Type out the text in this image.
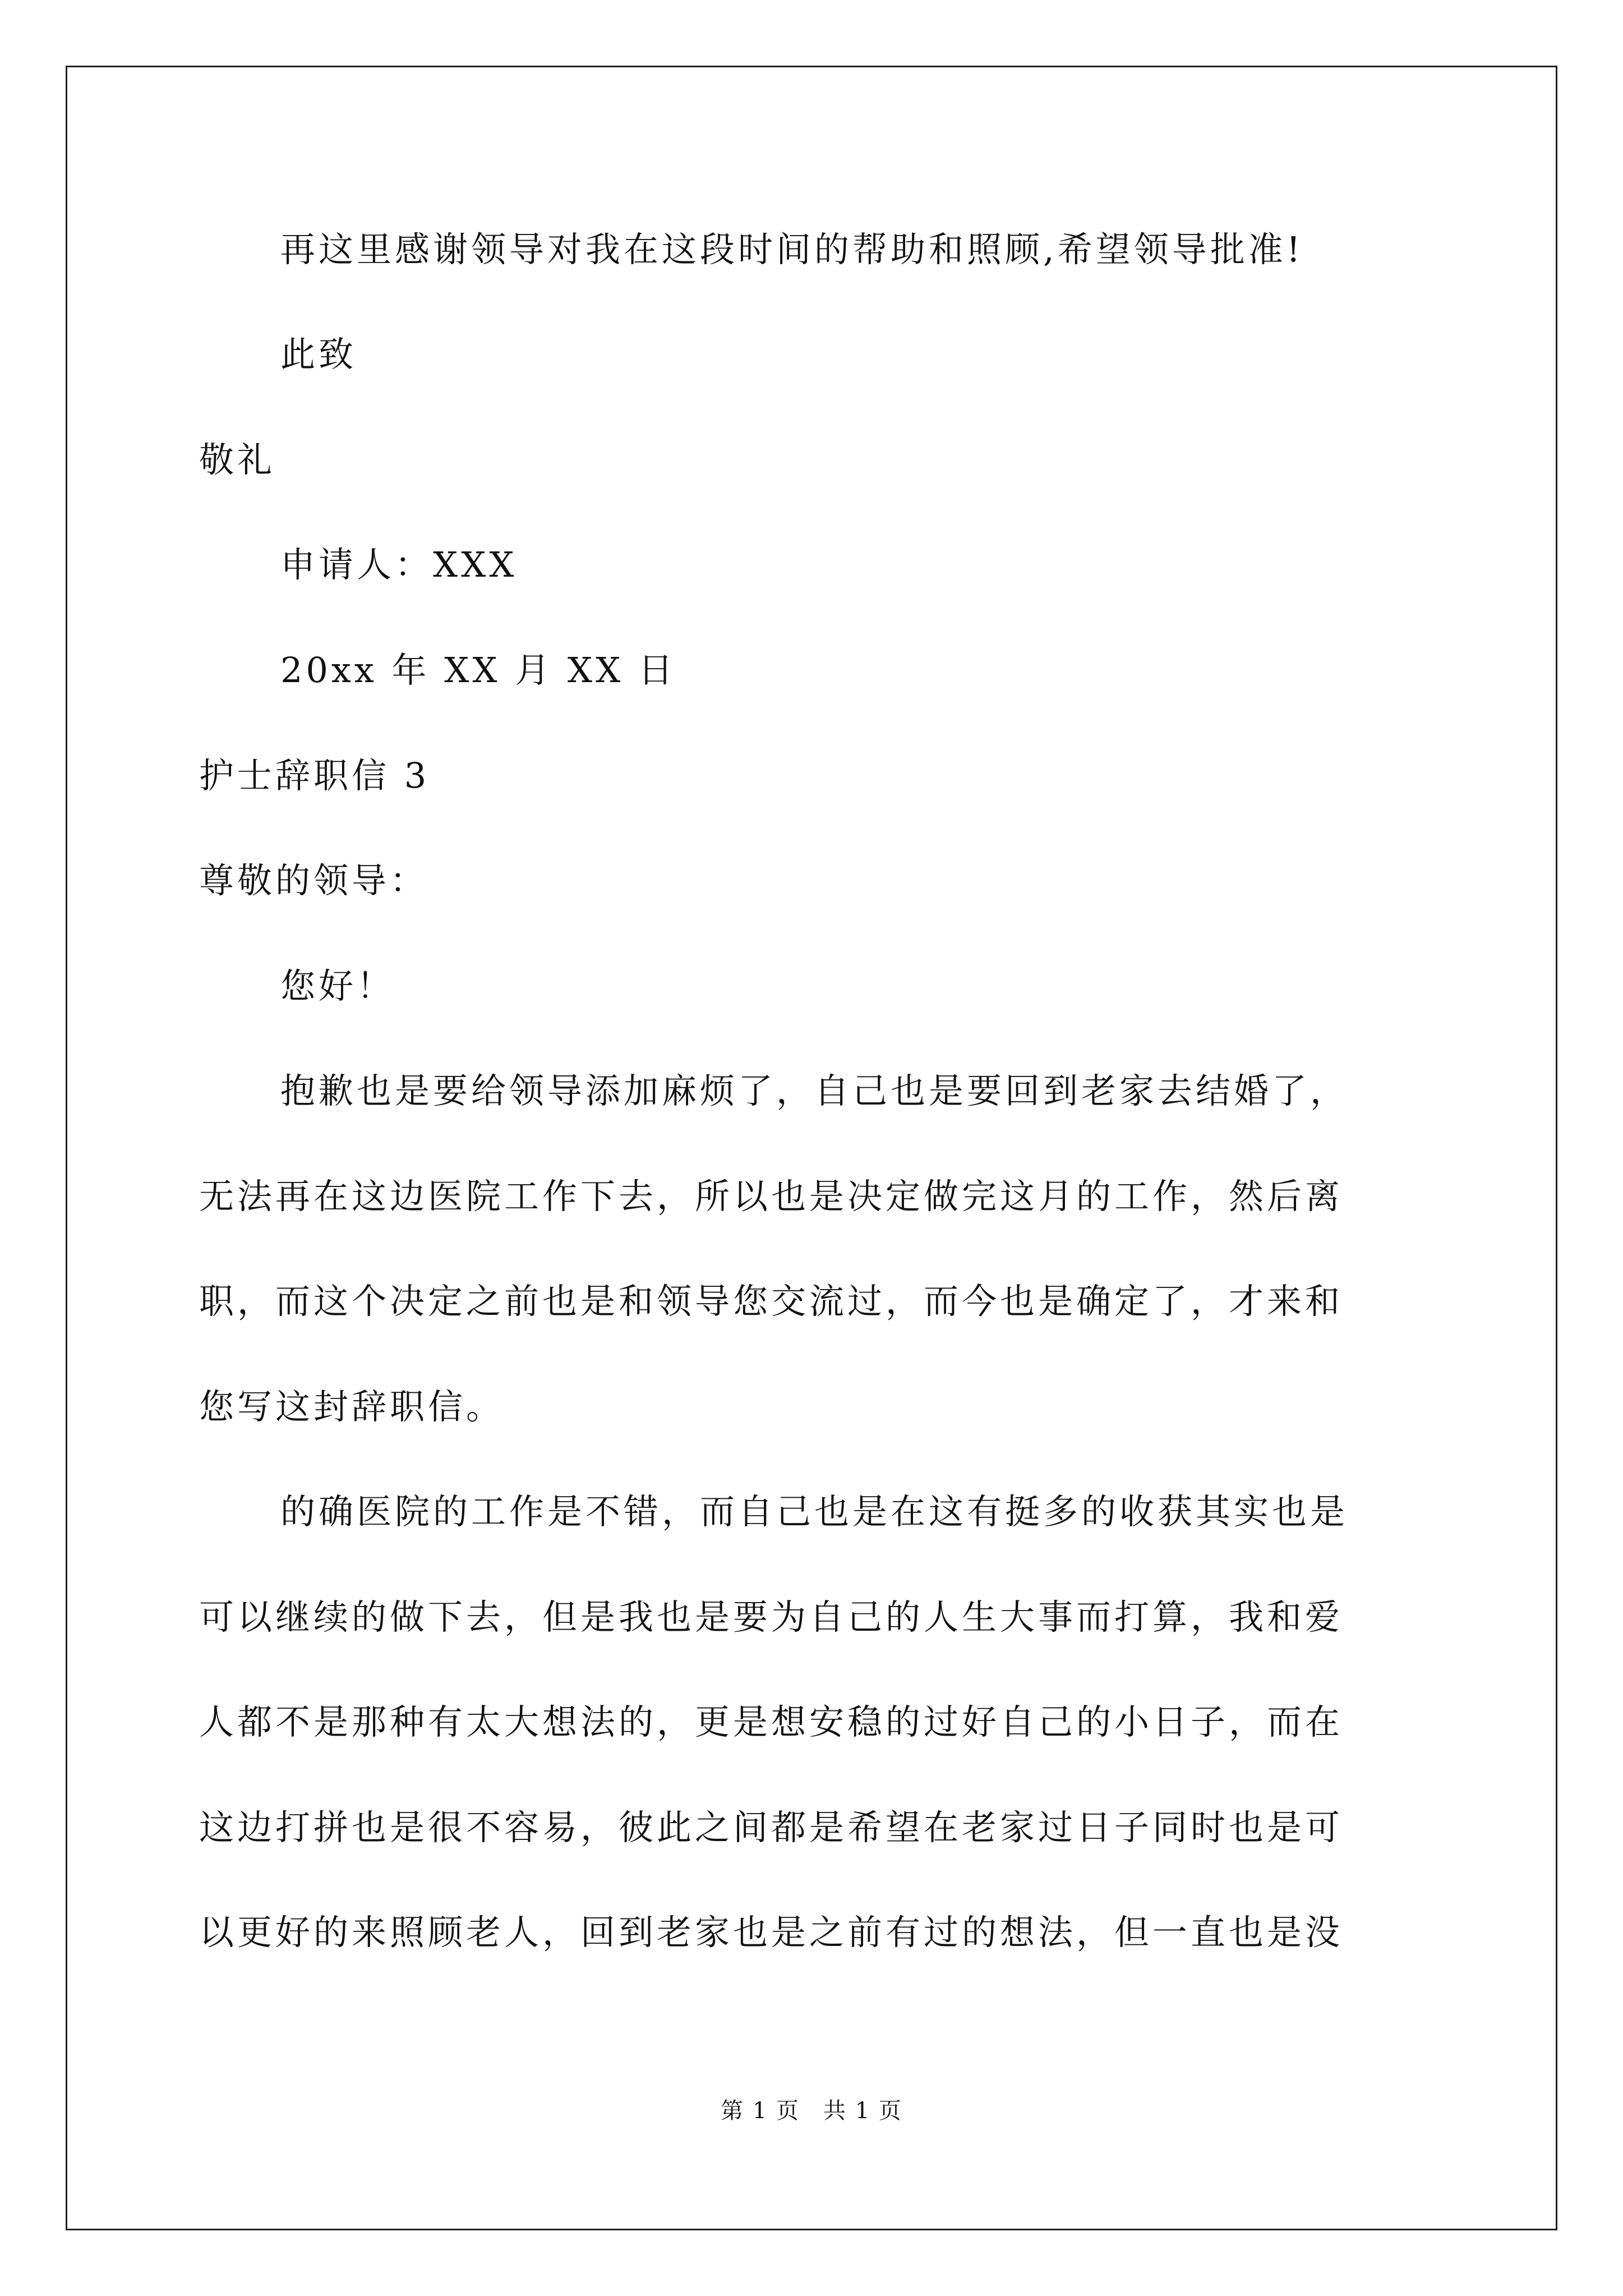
再这里感谢领导对我在这段时间的帮助和照顾,希望领导批准!
此致
敬礼
申请人：XXX
20xx 年 XX 月 XX 日
护士辞职信 3
尊敬的领导：
您好！
抱歉也是要给领导添加麻烦了，自己也是要回到老家去结婚了，
无法再在这边医院工作下去，所以也是决定做完这月的工作，然后离
职，而这个决定之前也是和领导您交流过，而今也是确定了，才来和
您写这封辞职信。
的确医院的工作是不错，而自己也是在这有挺多的收获其实也是
可以继续的做下去，但是我也是要为自己的人生大事而打算，我和爱
人都不是那种有太大想法的，更是想安稳的过好自己的小日子，而在
这边打拼也是很不容易，彼此之间都是希望在老家过日子同时也是可
以更好的来照顾老人，回到老家也是之前有过的想法，但一直也是没
第 1 页　共 1 页
